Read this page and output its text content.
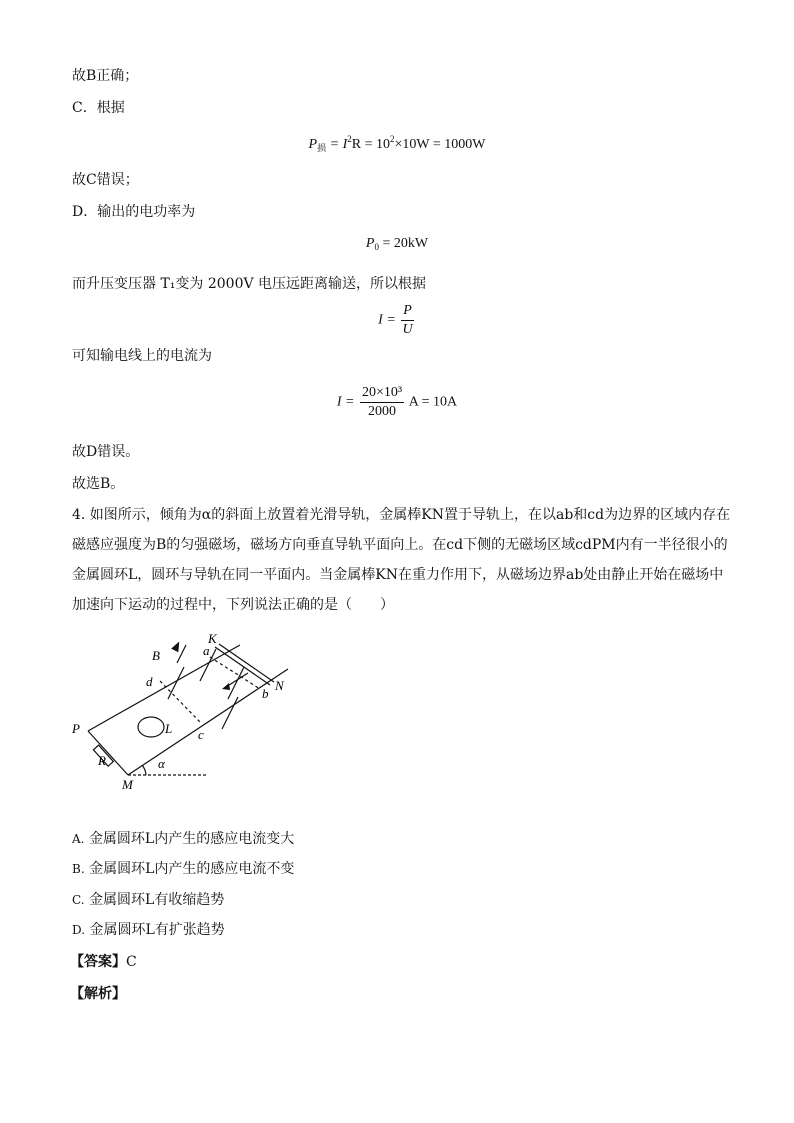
故B正确；
C．根据
$P_损 = I^2R = 10^2\times 10W = 1000W$
故C错误；
D．输出的电功率为
$P_0 = 20kW$
而升压变压器 T₁变为 2000V 电压远距离输送，所以根据
$I = \frac{P}{U}$
可知输电线上的电流为
$I = \frac{\text{20×10³}}{2000}$ A = 10A
故D错误。
故选B。
4. 如图所示，倾角为α的斜面上放置着光滑导轨，金属棒KN置于导轨上，在以ab和cd为边界的区域内存在磁感应强度为B的匀强磁场，磁场方向垂直导轨平面向上。在cd下侧的无磁场区域cdPM内有一半径很小的金属圆环L，圆环与导轨在同一平面内。当金属棒KN在重力作用下，从磁场边界ab处由静止开始在磁场中加速向下运动的过程中，下列说法正确的是（　　）
K
a
B
d
b
N
P	L c
R	α
M
A. 金属圆环L内产生的感应电流变大
B. 金属圆环L内产生的感应电流不变
C. 金属圆环L有收缩趋势
D. 金属圆环L有扩张趋势
【答案】C
【解析】
